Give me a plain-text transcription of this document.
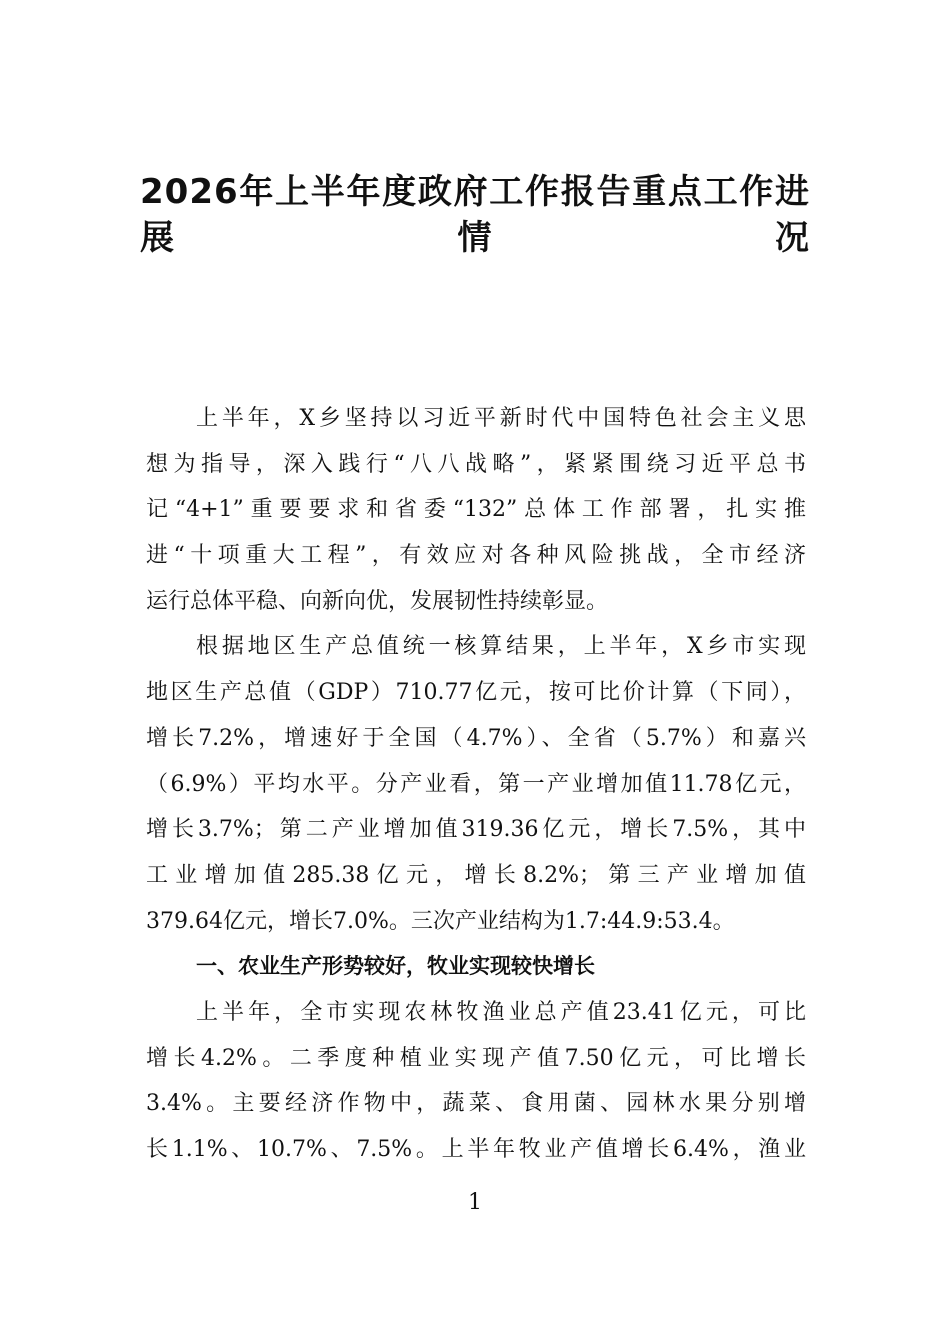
2026年上半年度政府工作报告重点工作进
展情况
上半年，X乡坚持以习近平新时代中国特色社会主义思
想为指导，深入践行“八八战略”，紧紧围绕习近平总书
记“4+1”重要要求和省委“132”总体工作部署，扎实推
进“十项重大工程”，有效应对各种风险挑战，全市经济
运行总体平稳、向新向优，发展韧性持续彰显。
根据地区生产总值统一核算结果，上半年，X乡市实现
地区生产总值（GDP）710.77亿元，按可比价计算（下同），
增长7.2%，增速好于全国（4.7%）、全省（5.7%）和嘉兴
（6.9%）平均水平。分产业看，第一产业增加值11.78亿元，
增长3.7%；第二产业增加值319.36亿元，增长7.5%，其中
工业增加值285.38亿元，增长8.2%；第三产业增加值
379.64亿元，增长7.0%。三次产业结构为1.7:44.9:53.4。
一、农业生产形势较好，牧业实现较快增长
上半年，全市实现农林牧渔业总产值23.41亿元，可比
增长4.2%。二季度种植业实现产值7.50亿元，可比增长
3.4%。主要经济作物中，蔬菜、食用菌、园林水果分别增
长1.1%、10.7%、7.5%。上半年牧业产值增长6.4%，渔业
1
